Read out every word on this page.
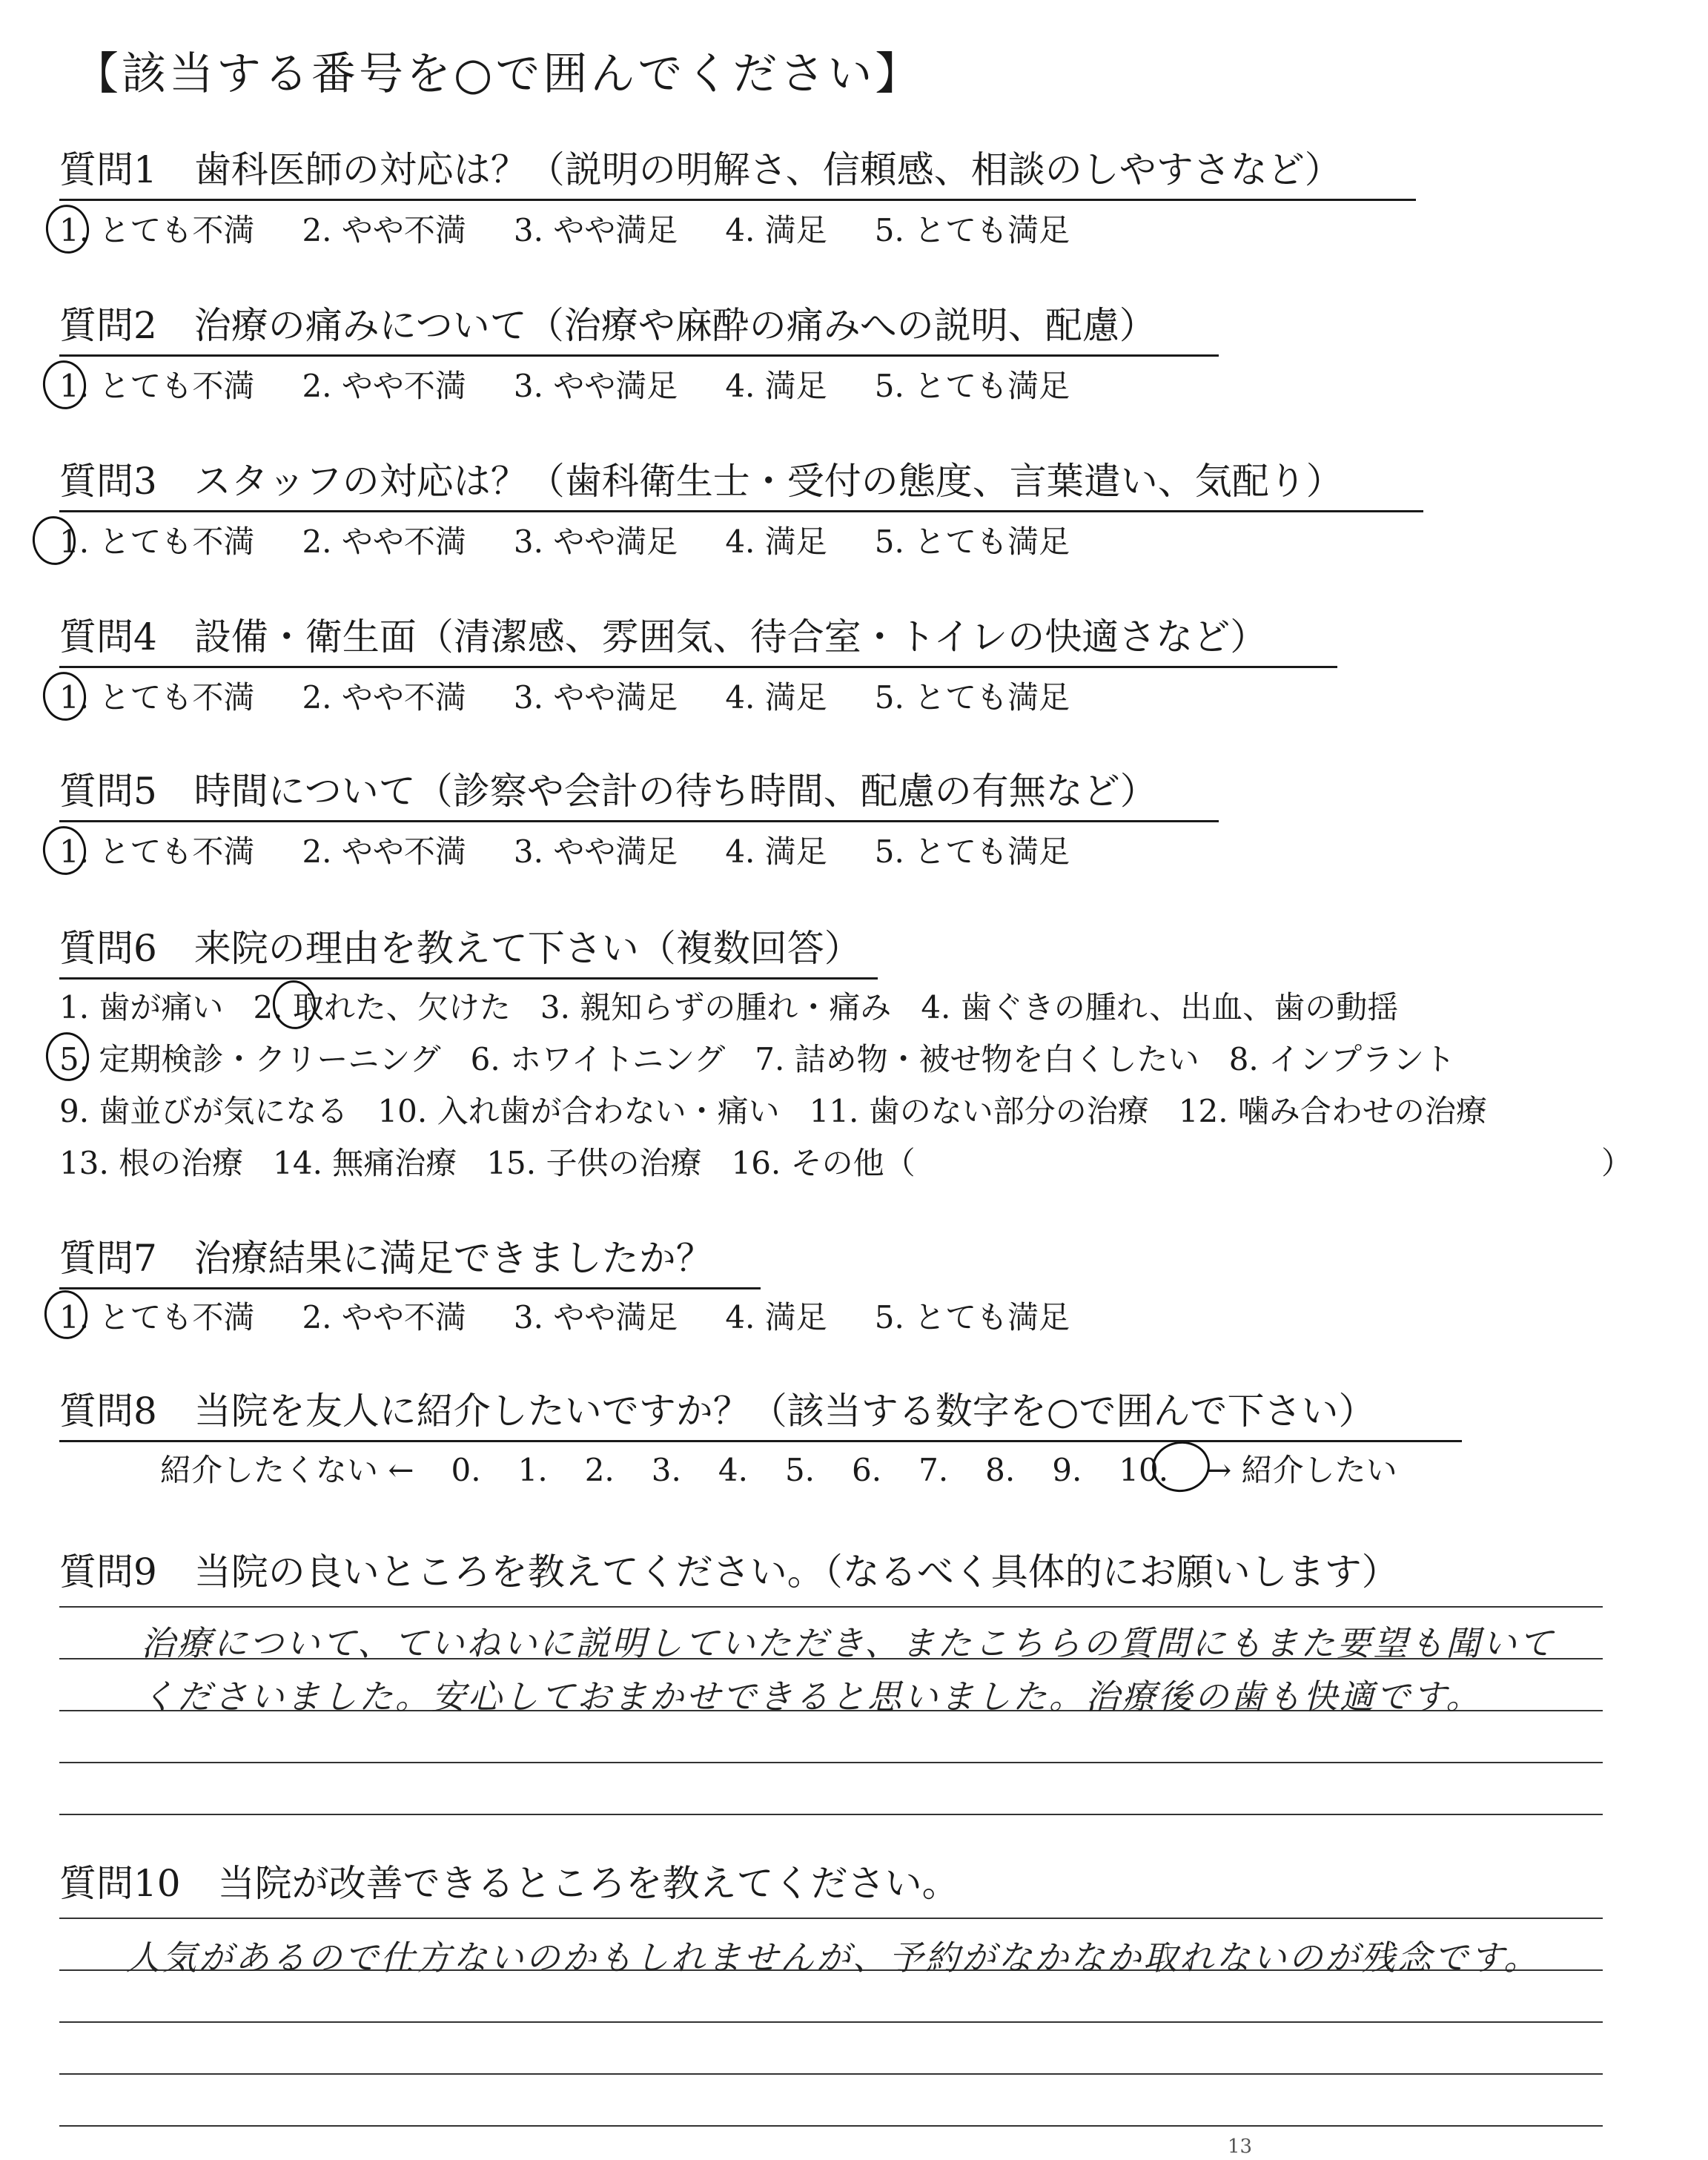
【該当する番号を○で囲んでください】
質問1　歯科医師の対応は？（説明の明解さ、信頼感、相談のしやすさなど）
1. とても不満 2. やや不満 3. やや満足 4. 満足 5. とても満足
質問2　治療の痛みについて（治療や麻酔の痛みへの説明、配慮）
1. とても不満 2. やや不満 3. やや満足 4. 満足 5. とても満足
質問3　スタッフの対応は？（歯科衛生士・受付の態度、言葉遣い、気配り）
1. とても不満 2. やや不満 3. やや満足 4. 満足 5. とても満足
質問4　設備・衛生面（清潔感、雰囲気、待合室・トイレの快適さなど）
1. とても不満 2. やや不満 3. やや満足 4. 満足 5. とても満足
質問5　時間について（診察や会計の待ち時間、配慮の有無など）
1. とても不満 2. やや不満 3. やや満足 4. 満足 5. とても満足
質問6　来院の理由を教えて下さい（複数回答）
1. 歯が痛い 2. 取れた、欠けた 3. 親知らずの腫れ・痛み 4. 歯ぐきの腫れ、出血、歯の動揺
5. 定期検診・クリーニング 6. ホワイトニング 7. 詰め物・被せ物を白くしたい 8. インプラント
9. 歯並びが気になる 10. 入れ歯が合わない・痛い 11. 歯のない部分の治療 12. 噛み合わせの治療
13. 根の治療 14. 無痛治療 15. 子供の治療 16. その他（	）
質問7　治療結果に満足できましたか？
1. とても不満 2. やや不満 3. やや満足 4. 満足 5. とても満足
質問8　当院を友人に紹介したいですか？（該当する数字を○で囲んで下さい）
紹介したくない ← 0. 1. 2. 3. 4. 5. 6. 7. 8. 9. 10. → 紹介したい
質問9　当院の良いところを教えてください。（なるべく具体的にお願いします）
治療について、ていねいに説明していただき、またこちらの質問にもまた要望も聞いて
くださいました。安心しておまかせできると思いました。治療後の歯も快適です。
質問10　当院が改善できるところを教えてください。
人気があるので仕方ないのかもしれませんが、予約がなかなか取れないのが残念です。
13
